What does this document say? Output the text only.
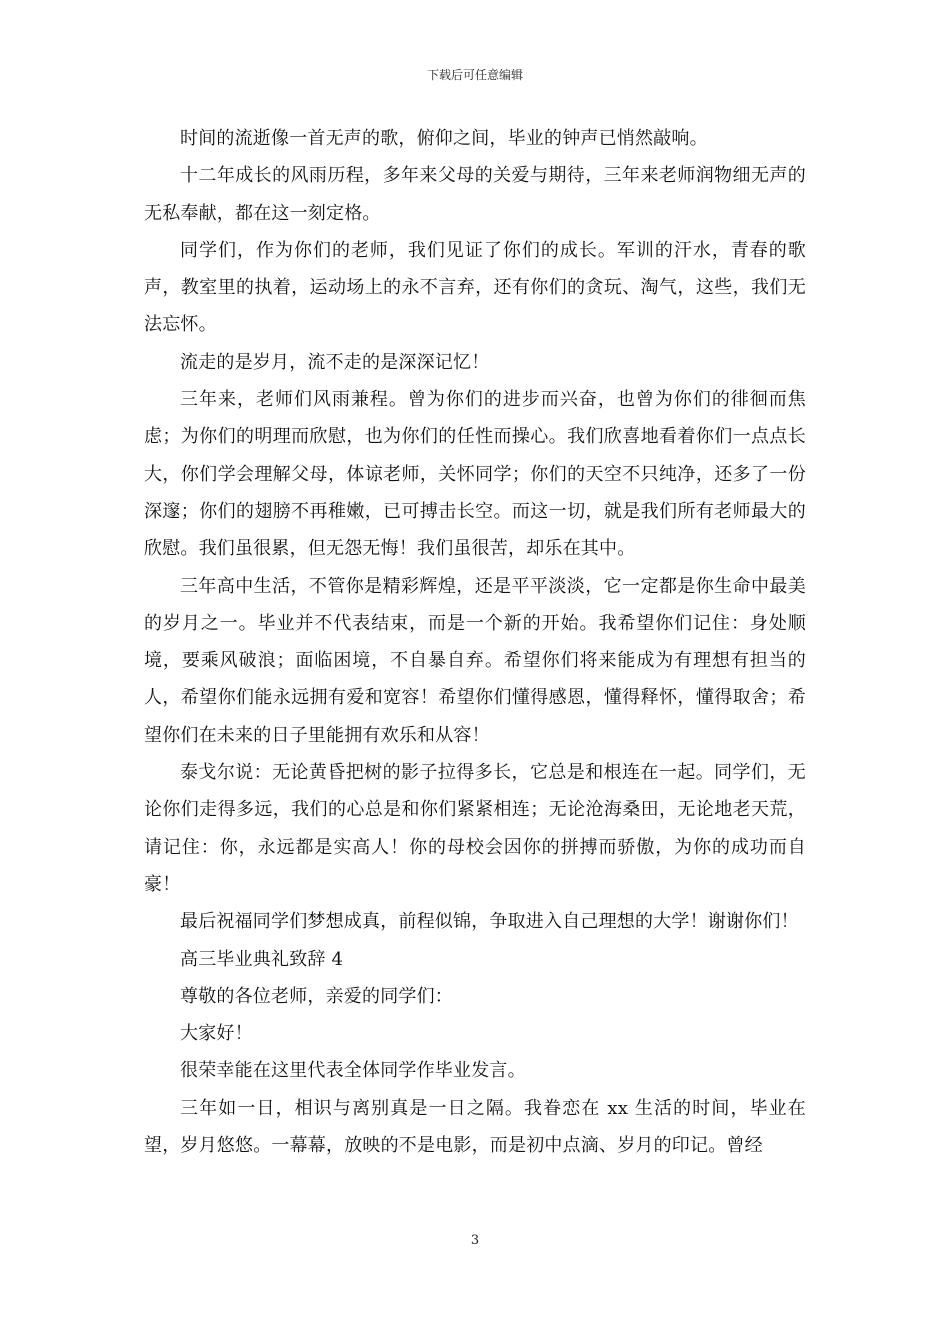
下载后可任意编辑

时间的流逝像一首无声的歌，俯仰之间，毕业的钟声已悄然敲响。

十二年成长的风雨历程，多年来父母的关爱与期待，三年来老师润物细无声的无私奉献，都在这一刻定格。

同学们，作为你们的老师，我们见证了你们的成长。军训的汗水，青春的歌声，教室里的执着，运动场上的永不言弃，还有你们的贪玩、淘气，这些，我们无法忘怀。

流走的是岁月，流不走的是深深记忆！

三年来，老师们风雨兼程。曾为你们的进步而兴奋，也曾为你们的徘徊而焦虑；为你们的明理而欣慰，也为你们的任性而操心。我们欣喜地看着你们一点点长大，你们学会理解父母，体谅老师，关怀同学；你们的天空不只纯净，还多了一份深邃；你们的翅膀不再稚嫩，已可搏击长空。而这一切，就是我们所有老师最大的欣慰。我们虽很累，但无怨无悔！我们虽很苦，却乐在其中。

三年高中生活，不管你是精彩辉煌，还是平平淡淡，它一定都是你生命中最美的岁月之一。毕业并不代表结束，而是一个新的开始。我希望你们记住：身处顺境，要乘风破浪；面临困境，不自暴自弃。希望你们将来能成为有理想有担当的人，希望你们能永远拥有爱和宽容！希望你们懂得感恩，懂得释怀，懂得取舍；希望你们在未来的日子里能拥有欢乐和从容！

泰戈尔说：无论黄昏把树的影子拉得多长，它总是和根连在一起。同学们，无论你们走得多远，我们的心总是和你们紧紧相连；无论沧海桑田，无论地老天荒，请记住：你，永远都是实高人！你的母校会因你的拼搏而骄傲，为你的成功而自豪！

最后祝福同学们梦想成真，前程似锦，争取进入自己理想的大学！谢谢你们！

高三毕业典礼致辞 4

尊敬的各位老师，亲爱的同学们：

大家好！

很荣幸能在这里代表全体同学作毕业发言。

三年如一日，相识与离别真是一日之隔。我眷恋在 xx 生活的时间，毕业在望，岁月悠悠。一幕幕，放映的不是电影，而是初中点滴、岁月的印记。曾经

3
